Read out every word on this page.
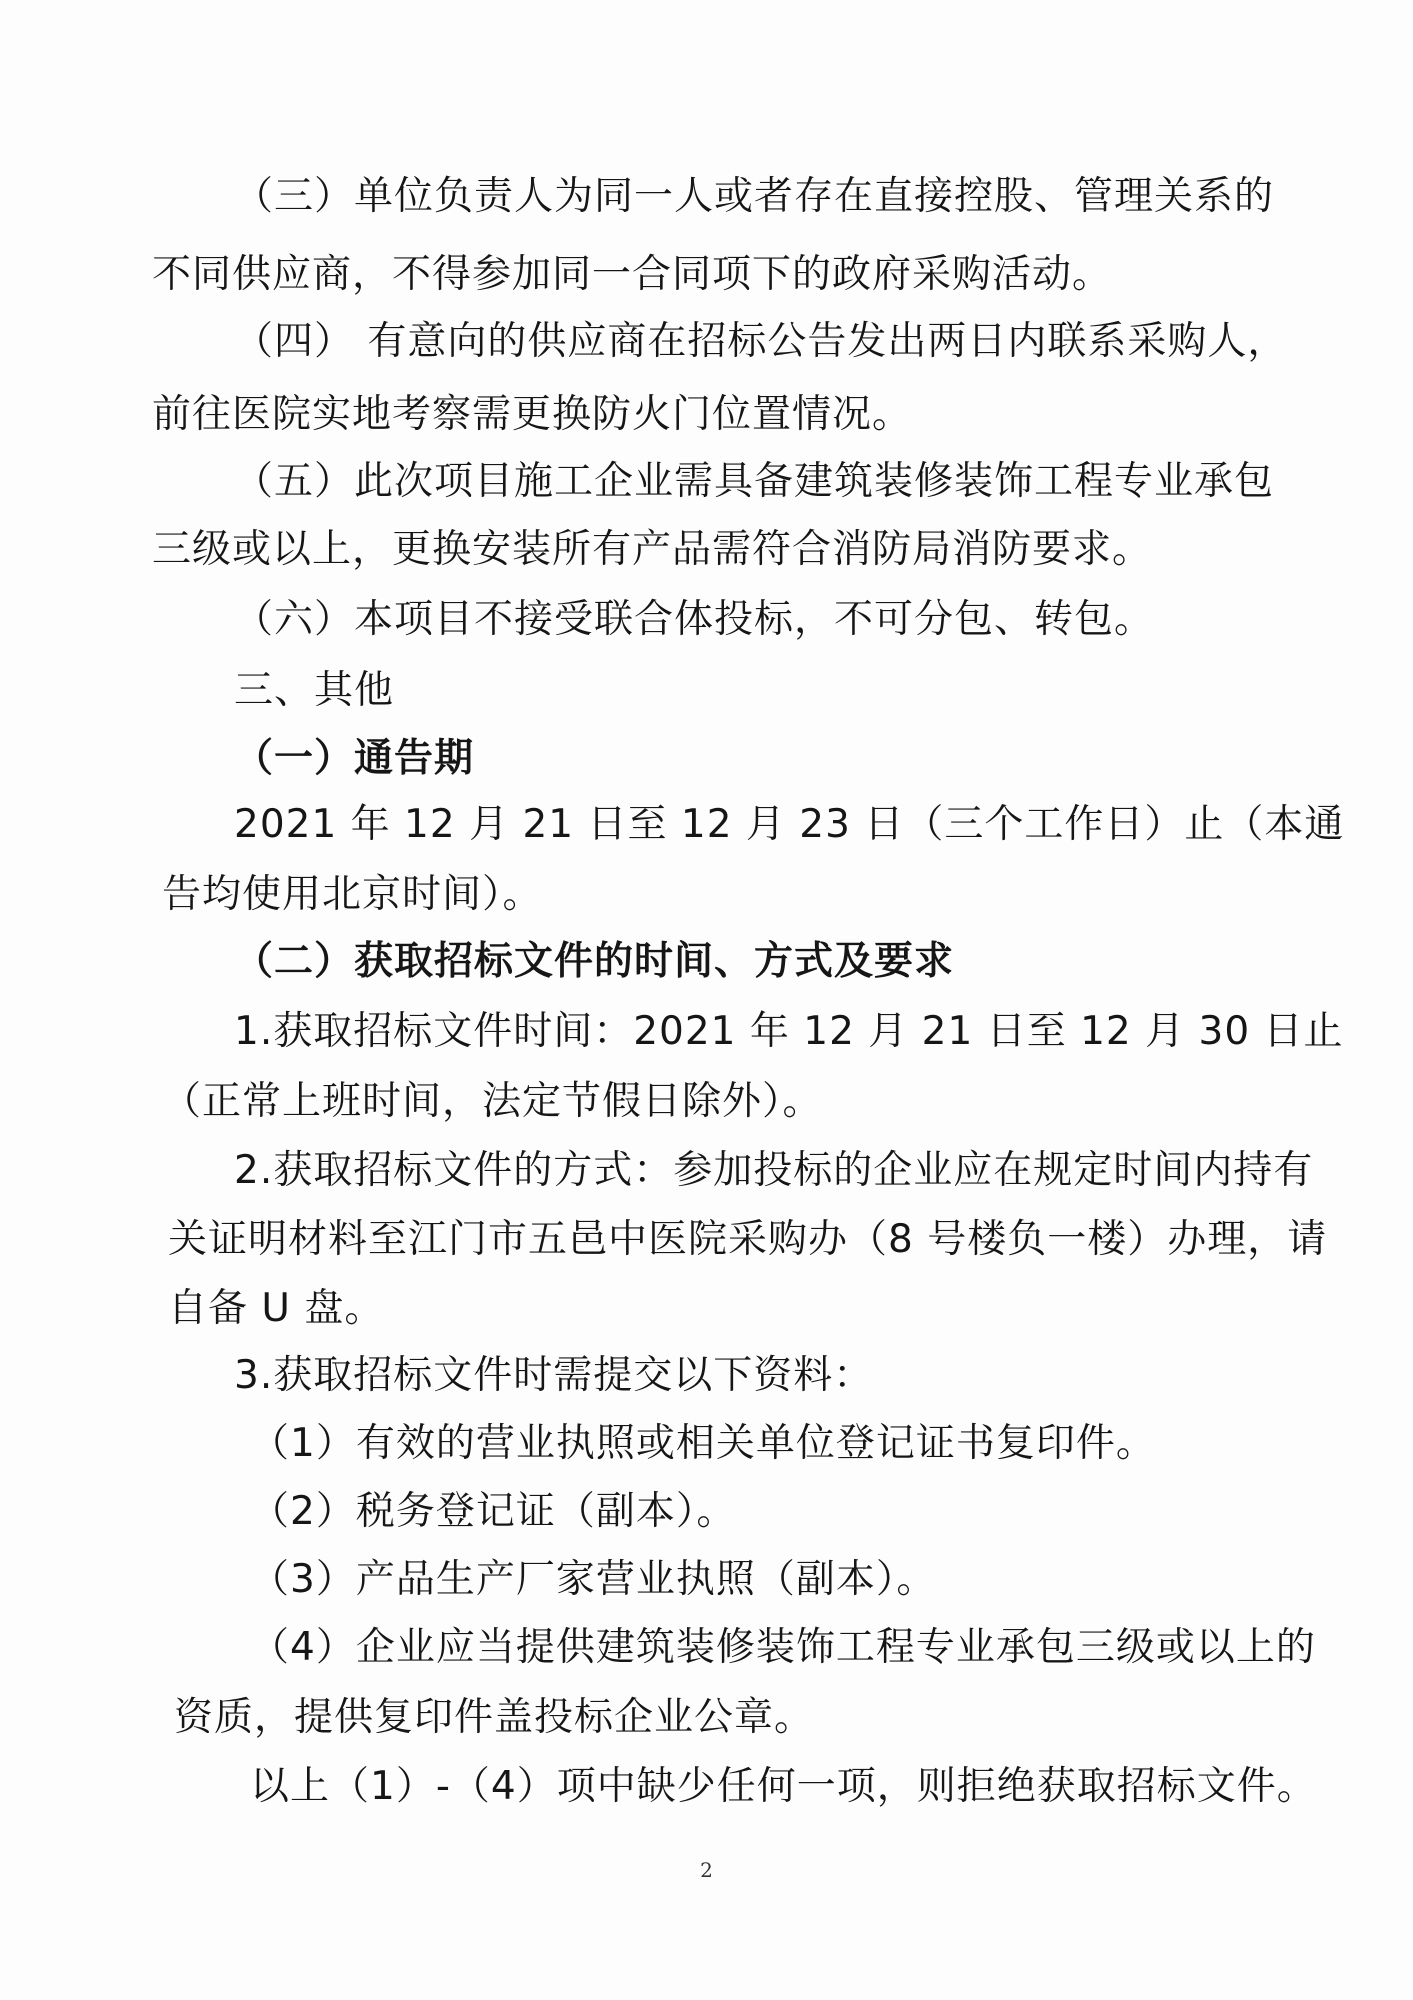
（三）单位负责人为同一人或者存在直接控股、管理关系的
不同供应商，不得参加同一合同项下的政府采购活动。
（四） 有意向的供应商在招标公告发出两日内联系采购人，
前往医院实地考察需更换防火门位置情况。
（五）此次项目施工企业需具备建筑装修装饰工程专业承包
三级或以上，更换安装所有产品需符合消防局消防要求。
（六）本项目不接受联合体投标，不可分包、转包。
三、其他
（一）通告期
2021 年 12 月 21 日至 12 月 23 日（三个工作日）止（本通
告均使用北京时间）。
（二）获取招标文件的时间、方式及要求
1.获取招标文件时间：2021 年 12 月 21 日至 12 月 30 日止
（正常上班时间，法定节假日除外）。
2.获取招标文件的方式：参加投标的企业应在规定时间内持有
关证明材料至江门市五邑中医院采购办（8 号楼负一楼）办理，请
自备 U 盘。
3.获取招标文件时需提交以下资料：
（1）有效的营业执照或相关单位登记证书复印件。
（2）税务登记证（副本）。
（3）产品生产厂家营业执照（副本）。
（4）企业应当提供建筑装修装饰工程专业承包三级或以上的
资质，提供复印件盖投标企业公章。
以上（1）-（4）项中缺少任何一项，则拒绝获取招标文件。
2
